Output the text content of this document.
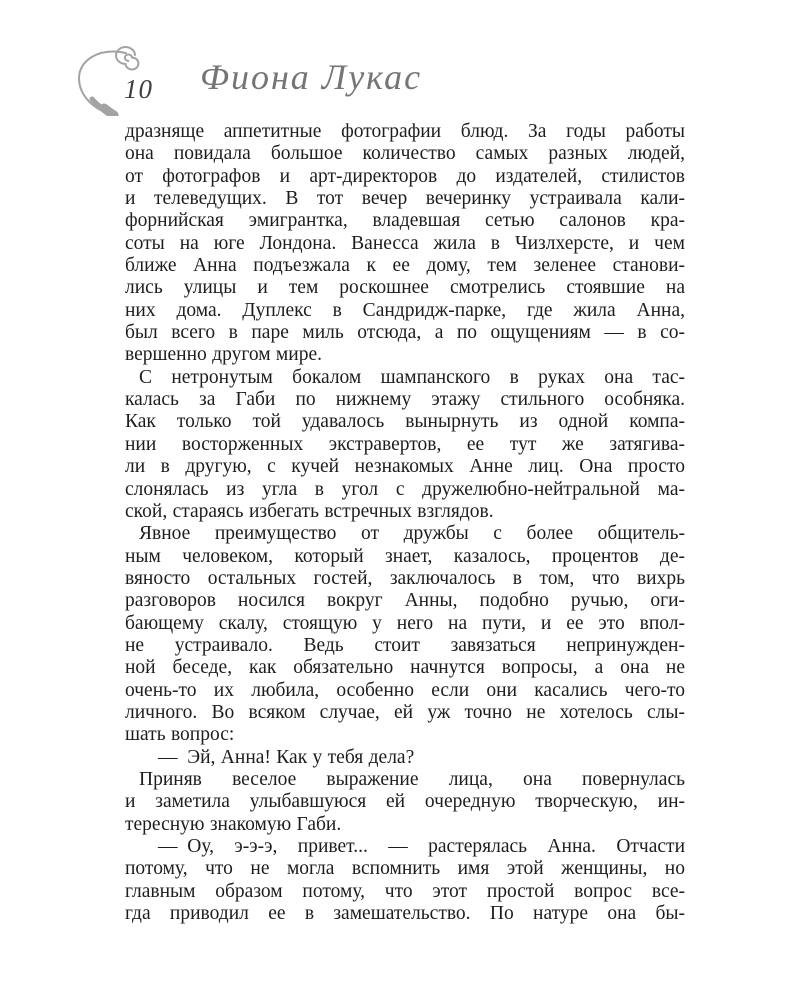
10 Фиона Лукас
дразняще аппетитные фотографии блюд. За годы работы
она повидала большое количество самых разных людей,
от фотографов и арт-директоров до издателей, стилистов
и телеведущих. В тот вечер вечеринку устраивала кали-
форнийская эмигрантка, владевшая сетью салонов кра-
соты на юге Лондона. Ванесса жила в Чизлхерсте, и чем
ближе Анна подъезжала к ее дому, тем зеленее станови-
лись улицы и тем роскошнее смотрелись стоявшие на
них дома. Дуплекс в Сандридж-парке, где жила Анна,
был всего в паре миль отсюда, а по ощущениям — в со-
вершенно другом мире.
С нетронутым бокалом шампанского в руках она тас-
калась за Габи по нижнему этажу стильного особняка.
Как только той удавалось вынырнуть из одной компа-
нии восторженных экстравертов, ее тут же затягива-
ли в другую, с кучей незнакомых Анне лиц. Она просто
слонялась из угла в угол с дружелюбно-нейтральной ма-
ской, стараясь избегать встречных взглядов.
Явное преимущество от дружбы с более общитель-
ным человеком, который знает, казалось, процентов де-
вяносто остальных гостей, заключалось в том, что вихрь
разговоров носился вокруг Анны, подобно ручью, оги-
бающему скалу, стоящую у него на пути, и ее это впол-
не устраивало. Ведь стоит завязаться непринужден-
ной беседе, как обязательно начнутся вопросы, а она не
очень-то их любила, особенно если они касались чего-то
личного. Во всяком случае, ей уж точно не хотелось слы-
шать вопрос:
— Эй, Анна! Как у тебя дела?
Приняв веселое выражение лица, она повернулась
и заметила улыбавшуюся ей очередную творческую, ин-
тересную знакомую Габи.
— Оу, э-э-э, привет... — растерялась Анна. Отчасти
потому, что не могла вспомнить имя этой женщины, но
главным образом потому, что этот простой вопрос все-
гда приводил ее в замешательство. По натуре она бы-
